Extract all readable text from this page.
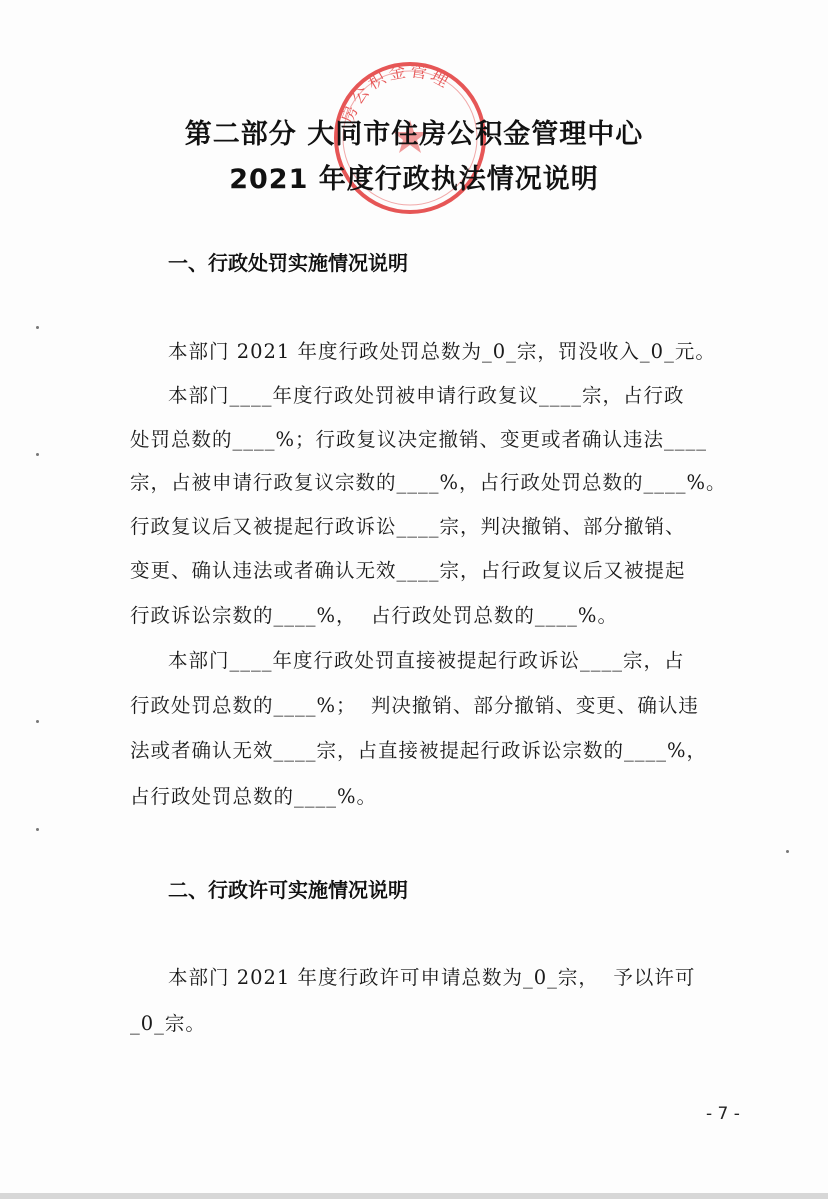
房公积金管理
第二部分 大同市住房公积金管理中心
2021 年度行政执法情况说明
一、行政处罚实施情况说明
本部门 2021 年度行政处罚总数为_0_宗，罚没收入_0_元。
本部门____年度行政处罚被申请行政复议____宗，占行政
处罚总数的____%；行政复议决定撤销、变更或者确认违法____
宗，占被申请行政复议宗数的____%，占行政处罚总数的____%。
行政复议后又被提起行政诉讼____宗，判决撤销、部分撤销、
变更、确认违法或者确认无效____宗，占行政复议后又被提起
行政诉讼宗数的____%，  占行政处罚总数的____%。
本部门____年度行政处罚直接被提起行政诉讼____宗，占
行政处罚总数的____%；  判决撤销、部分撤销、变更、确认违
法或者确认无效____宗，占直接被提起行政诉讼宗数的____%，
占行政处罚总数的____%。
二、行政许可实施情况说明
本部门 2021 年度行政许可申请总数为_0_宗，  予以许可
_0_宗。
- 7 -
